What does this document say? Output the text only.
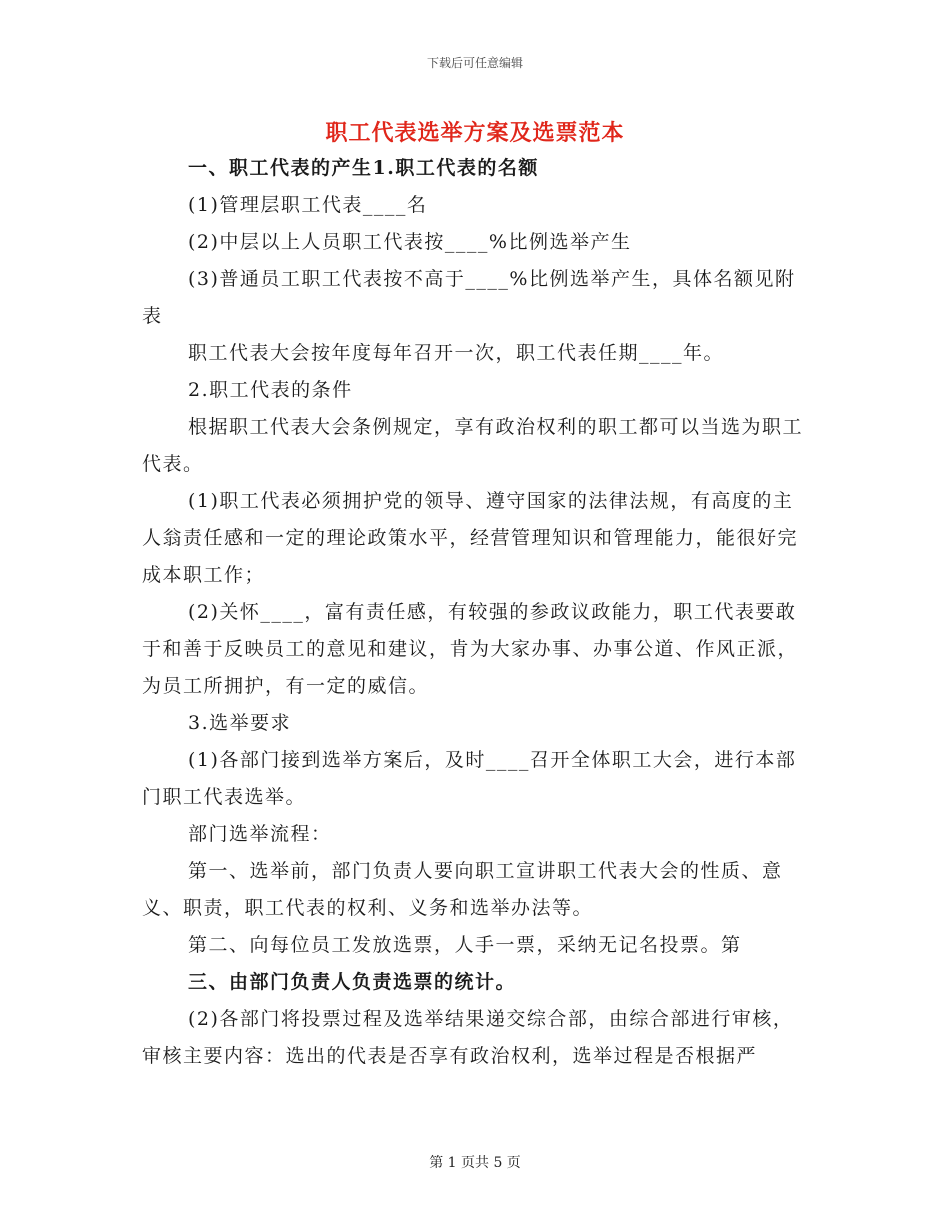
下载后可任意编辑
职工代表选举方案及选票范本

一、职工代表的产生1.职工代表的名额

(1)管理层职工代表____名

(2)中层以上人员职工代表按____%比例选举产生

(3)普通员工职工代表按不高于____%比例选举产生，具体名额见附表

职工代表大会按年度每年召开一次，职工代表任期____年。

2.职工代表的条件

根据职工代表大会条例规定，享有政治权利的职工都可以当选为职工代表。

(1)职工代表必须拥护党的领导、遵守国家的法律法规，有高度的主人翁责任感和一定的理论政策水平，经营管理知识和管理能力，能很好完成本职工作；

(2)关怀____，富有责任感，有较强的参政议政能力，职工代表要敢于和善于反映员工的意见和建议，肯为大家办事、办事公道、作风正派，为员工所拥护，有一定的威信。

3.选举要求

(1)各部门接到选举方案后，及时____召开全体职工大会，进行本部门职工代表选举。

部门选举流程：

第一、选举前，部门负责人要向职工宣讲职工代表大会的性质、意义、职责，职工代表的权利、义务和选举办法等。

第二、向每位员工发放选票，人手一票，采纳无记名投票。第

三、由部门负责人负责选票的统计。

(2)各部门将投票过程及选举结果递交综合部，由综合部进行审核，审核主要内容：选出的代表是否享有政治权利，选举过程是否根据严

第 1 页共 5 页
